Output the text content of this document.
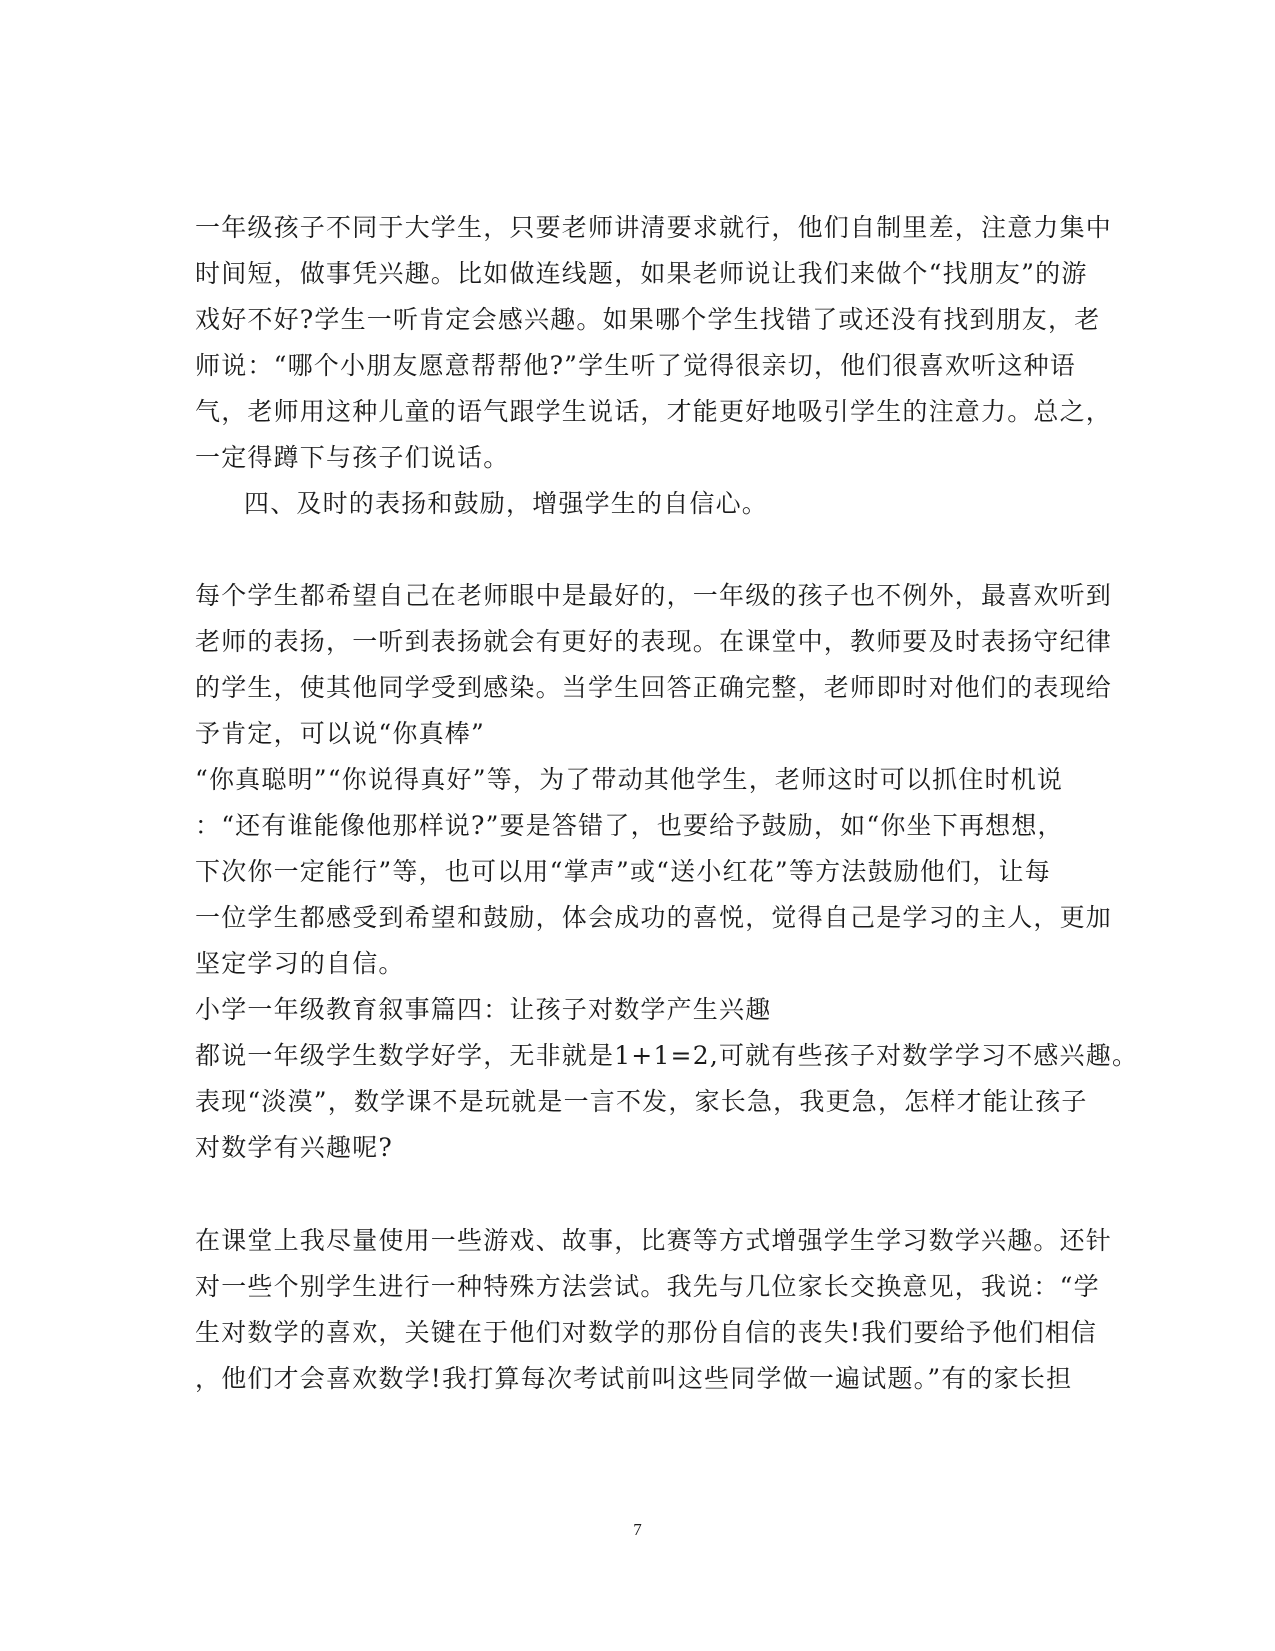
一年级孩子不同于大学生，只要老师讲清要求就行，他们自制里差，注意力集中
时间短，做事凭兴趣。比如做连线题，如果老师说让我们来做个“找朋友”的游
戏好不好?学生一听肯定会感兴趣。如果哪个学生找错了或还没有找到朋友，老
师说：“哪个小朋友愿意帮帮他?”学生听了觉得很亲切，他们很喜欢听这种语
气，老师用这种儿童的语气跟学生说话，才能更好地吸引学生的注意力。总之，
一定得蹲下与孩子们说话。
四、及时的表扬和鼓励，增强学生的自信心。
每个学生都希望自己在老师眼中是最好的，一年级的孩子也不例外，最喜欢听到
老师的表扬，一听到表扬就会有更好的表现。在课堂中，教师要及时表扬守纪律
的学生，使其他同学受到感染。当学生回答正确完整，老师即时对他们的表现给
予肯定，可以说“你真棒”
“你真聪明”“你说得真好”等，为了带动其他学生，老师这时可以抓住时机说
：“还有谁能像他那样说?”要是答错了，也要给予鼓励，如“你坐下再想想，
下次你一定能行”等，也可以用“掌声”或“送小红花”等方法鼓励他们，让每
一位学生都感受到希望和鼓励，体会成功的喜悦，觉得自己是学习的主人，更加
坚定学习的自信。
小学一年级教育叙事篇四：让孩子对数学产生兴趣
都说一年级学生数学好学，无非就是1+1=2,可就有些孩子对数学学习不感兴趣。
表现“淡漠”，数学课不是玩就是一言不发，家长急，我更急，怎样才能让孩子
对数学有兴趣呢?
在课堂上我尽量使用一些游戏、故事，比赛等方式增强学生学习数学兴趣。还针
对一些个别学生进行一种特殊方法尝试。我先与几位家长交换意见，我说：“学
生对数学的喜欢，关键在于他们对数学的那份自信的丧失!我们要给予他们相信
，他们才会喜欢数学!我打算每次考试前叫这些同学做一遍试题。”有的家长担
7
